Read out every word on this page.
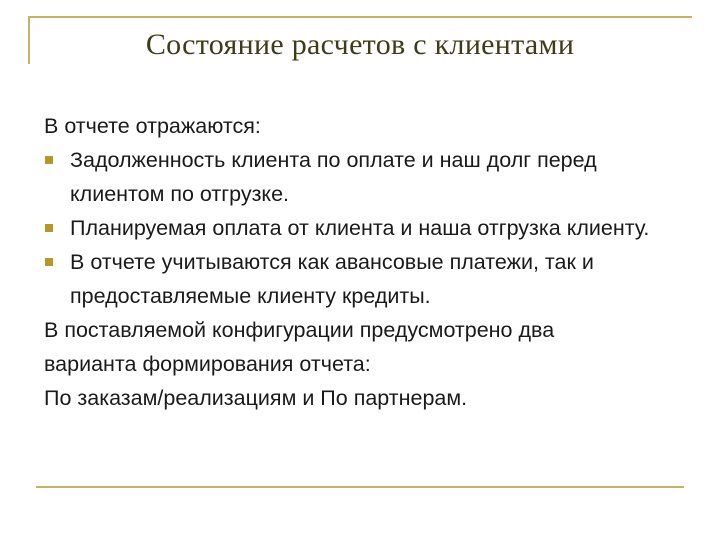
Состояние расчетов с клиентами
В отчете отражаются:
Задолженность клиента по оплате и наш долг перед клиентом по отгрузке.
Планируемая оплата от клиента и наша отгрузка клиенту.
В отчете учитываются как авансовые платежи, так и предоставляемые клиенту кредиты.
В поставляемой конфигурации предусмотрено два
варианта формирования отчета:
По заказам/реализациям и По партнерам.
